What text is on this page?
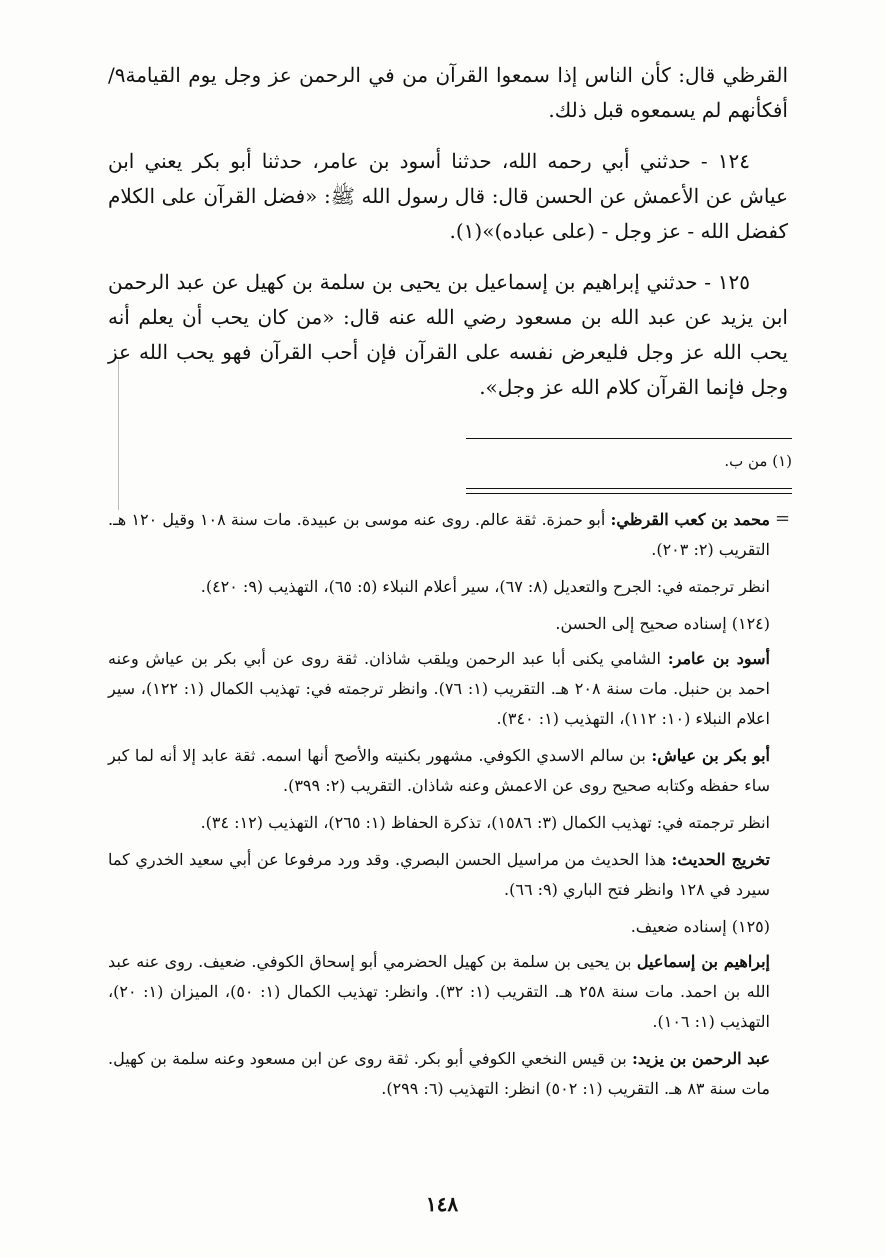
القرظي قال: كأن الناس إذا سمعوا القرآن من في الرحمن عز وجل يوم القيامة٩/أفكأنهم لم يسمعوه قبل ذلك.

١٢٤ - حدثني أبي رحمه الله، حدثنا أسود بن عامر، حدثنا أبو بكر يعني ابن عياش عن الأعمش عن الحسن قال: قال رسول الله ﷺ: «فضل القرآن على الكلام كفضل الله - عز وجل - (على عباده)»(١).

١٢٥ - حدثني إبراهيم بن إسماعيل بن يحيى بن سلمة بن كهيل عن عبد الرحمن ابن يزيد عن عبد الله بن مسعود رضي الله عنه قال: «من كان يحب أن يعلم أنه يحب الله عز وجل فليعرض نفسه على القرآن فإن أحب القرآن فهو يحب الله عز وجل فإنما القرآن كلام الله عز وجل».

(١) من ب.
=

محمد بن كعب القرظي: أبو حمزة. ثقة عالم. روى عنه موسى بن عبيدة. مات سنة ١٠٨ وقيل ١٢٠ هـ. التقريب (٢: ٢٠٣).

انظر ترجمته في: الجرح والتعديل (٨: ٦٧)، سير أعلام النبلاء (٥: ٦٥)، التهذيب (٩: ٤٢٠).

(١٢٤) إسناده صحيح إلى الحسن.

أسود بن عامر: الشامي يكنى أبا عبد الرحمن ويلقب شاذان. ثقة روى عن أبي بكر بن عياش وعنه احمد بن حنبل. مات سنة ٢٠٨ هـ. التقريب (١: ٧٦). وانظر ترجمته في: تهذيب الكمال (١: ١٢٢)، سير اعلام النبلاء (١٠: ١١٢)، التهذيب (١: ٣٤٠).

أبو بكر بن عياش: بن سالم الاسدي الكوفي. مشهور بكنيته والأصح أنها اسمه. ثقة عابد إلا أنه لما كبر ساء حفظه وكتابه صحيح روى عن الاعمش وعنه شاذان. التقريب (٢: ٣٩٩).

انظر ترجمته في: تهذيب الكمال (٣: ١٥٨٦)، تذكرة الحفاظ (١: ٢٦٥)، التهذيب (١٢: ٣٤).

تخريج الحديث: هذا الحديث من مراسيل الحسن البصري. وقد ورد مرفوعا عن أبي سعيد الخدري كما سيرد في ١٢٨ وانظر فتح الباري (٩: ٦٦).

(١٢٥) إسناده ضعيف.

إبراهيم بن إسماعيل بن يحيى بن سلمة بن كهيل الحضرمي أبو إسحاق الكوفي. ضعيف. روى عنه عبد الله بن احمد. مات سنة ٢٥٨ هـ. التقريب (١: ٣٢). وانظر: تهذيب الكمال (١: ٥٠)، الميزان (١: ٢٠)، التهذيب (١: ١٠٦).

عبد الرحمن بن يزيد: بن قيس النخعي الكوفي أبو بكر. ثقة روى عن ابن مسعود وعنه سلمة بن كهيل. مات سنة ٨٣ هـ. التقريب (١: ٥٠٢) انظر: التهذيب (٦: ٢٩٩).

١٤٨
